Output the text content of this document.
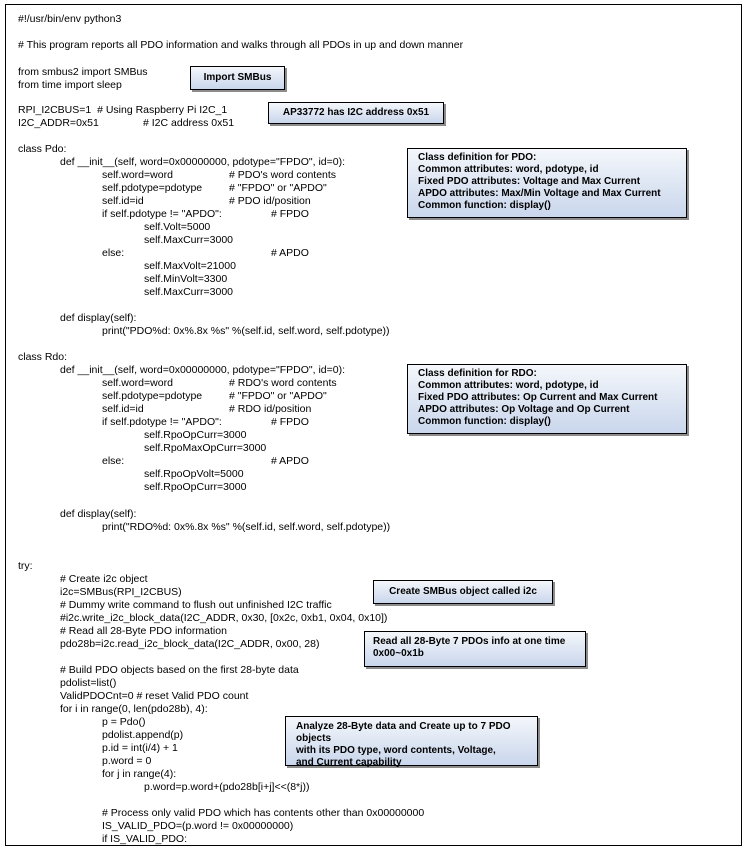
#!/usr/bin/env python3
# This program reports all PDO information and walks through all PDOs in up and down manner
from smbus2 import SMBus
from time import sleep
RPI_I2CBUS=1  # Using Raspberry Pi I2C_1
I2C_ADDR=0x51	# I2C address 0x51
class Pdo:
def __init__(self, word=0x00000000, pdotype="FPDO", id=0):
self.word=word	# PDO's word contents
self.pdotype=pdotype	# "FPDO" or "APDO"
self.id=id	# PDO id/position
if self.pdotype != "APDO":	# FPDO
self.Volt=5000
self.MaxCurr=3000
else:	# APDO
self.MaxVolt=21000
self.MinVolt=3300
self.MaxCurr=3000
def display(self):
print("PDO%d: 0x%.8x %s" %(self.id, self.word, self.pdotype))
class Rdo:
def __init__(self, word=0x00000000, pdotype="FPDO", id=0):
self.word=word	# RDO's word contents
self.pdotype=pdotype	# "FPDO" or "APDO"
self.id=id	# RDO id/position
if self.pdotype != "APDO":	# FPDO
self.RpoOpCurr=3000
self.RpoMaxOpCurr=3000
else:	# APDO
self.RpoOpVolt=5000
self.RpoOpCurr=3000
def display(self):
print("RDO%d: 0x%.8x %s" %(self.id, self.word, self.pdotype))
try:
# Create i2c object
i2c=SMBus(RPI_I2CBUS)
# Dummy write command to flush out unfinished I2C traffic
#i2c.write_i2c_block_data(I2C_ADDR, 0x30, [0x2c, 0xb1, 0x04, 0x10])
# Read all 28-Byte PDO information
pdo28b=i2c.read_i2c_block_data(I2C_ADDR, 0x00, 28)
# Build PDO objects based on the first 28-byte data
pdolist=list()
ValidPDOCnt=0 # reset Valid PDO count
for i in range(0, len(pdo28b), 4):
p = Pdo()
pdolist.append(p)
p.id = int(i/4) + 1
p.word = 0
for j in range(4):
p.word=p.word+(pdo28b[i+j]<<(8*j))
# Process only valid PDO which has contents other than 0x00000000
IS_VALID_PDO=(p.word != 0x00000000)
if IS_VALID_PDO:
Import SMBus
AP33772 has I2C address 0x51
Class definition for PDO:
Common attributes: word, pdotype, id
Fixed PDO attributes: Voltage and Max Current
APDO attributes: Max/Min Voltage and Max Current
Common function: display()
Class definition for RDO:
Common attributes: word, pdotype, id
Fixed PDO attributes: Op Current and Max Current
APDO attributes: Op Voltage and Op Current
Common function: display()
Create SMBus object called i2c
Read all 28-Byte 7 PDOs info at one time
0x00~0x1b
Analyze 28-Byte data and Create up to 7 PDO
objects
with its PDO type, word contents, Voltage,
and Current capability
